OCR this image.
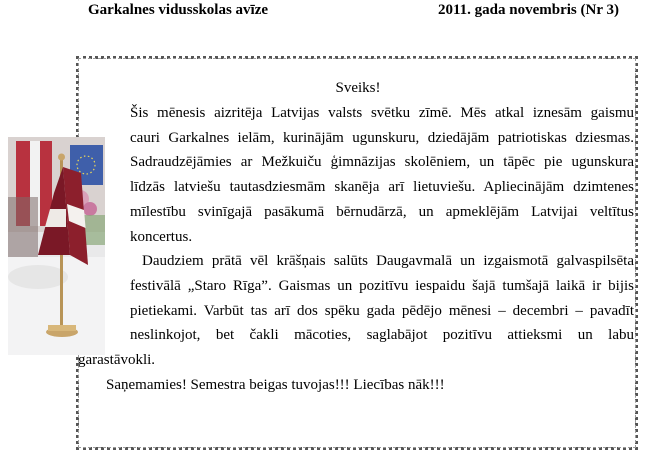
Garkalnes vidusskolas avīze	2011. gada novembris (Nr 3)

Sveiks!

Šis mēnesis aizritēja Latvijas valsts svētku zīmē. Mēs atkal iznesām gaismu
cauri Garkalnes ielām, kurinājām ugunskuru, dziedājām patriotiskas dziesmas.
Sadraudzējāmies ar Mežkuiču ģimnāzijas skolēniem, un tāpēc pie ugunskura
līdzās latviešu tautasdziesmām skanēja arī lietuviešu. Apliecinājām dzimtenes
mīlestību svinīgajā pasākumā bērnudārzā, un apmeklējām Latvijai veltītus
koncertus.
Daudziem prātā vēl krāšņais salūts Daugavmalā un izgaismotā galvaspilsēta
festivālā „Staro Rīga”. Gaismas un pozitīvu iespaidu šajā tumšajā laikā ir bijis
pietiekami. Varbūt tas arī dos spēku gada pēdējo mēnesi – decembri – pavadīt
neslinkojot, bet čakli mācoties, saglabājot pozitīvu attieksmi un labu
garastāvokli.

Saņemamies! Semestra beigas tuvojas!!! Liecības nāk!!!
